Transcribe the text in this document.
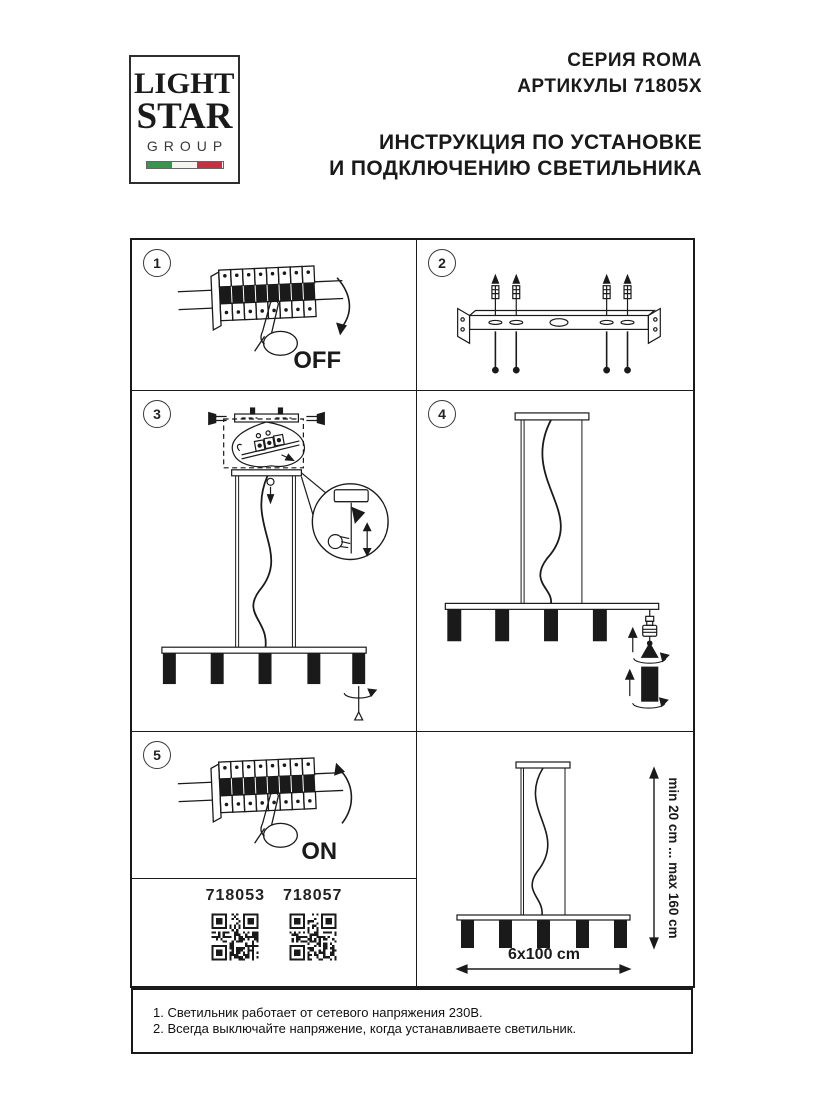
LIGHT
STAR
GROUP
СЕРИЯ ROMA
АРТИКУЛЫ 71805X
ИНСТРУКЦИЯ ПО УСТАНОВКЕ
И ПОДКЛЮЧЕНИЮ СВЕТИЛЬНИКА
1
OFF
2
3	4
5
ON
718053 718057	min 20 cm ... max 160 cm
6x100 cm
1. Светильник работает от сетевого напряжения 230В.
2. Всегда выключайте напряжение, когда устанавливаете светильник.
